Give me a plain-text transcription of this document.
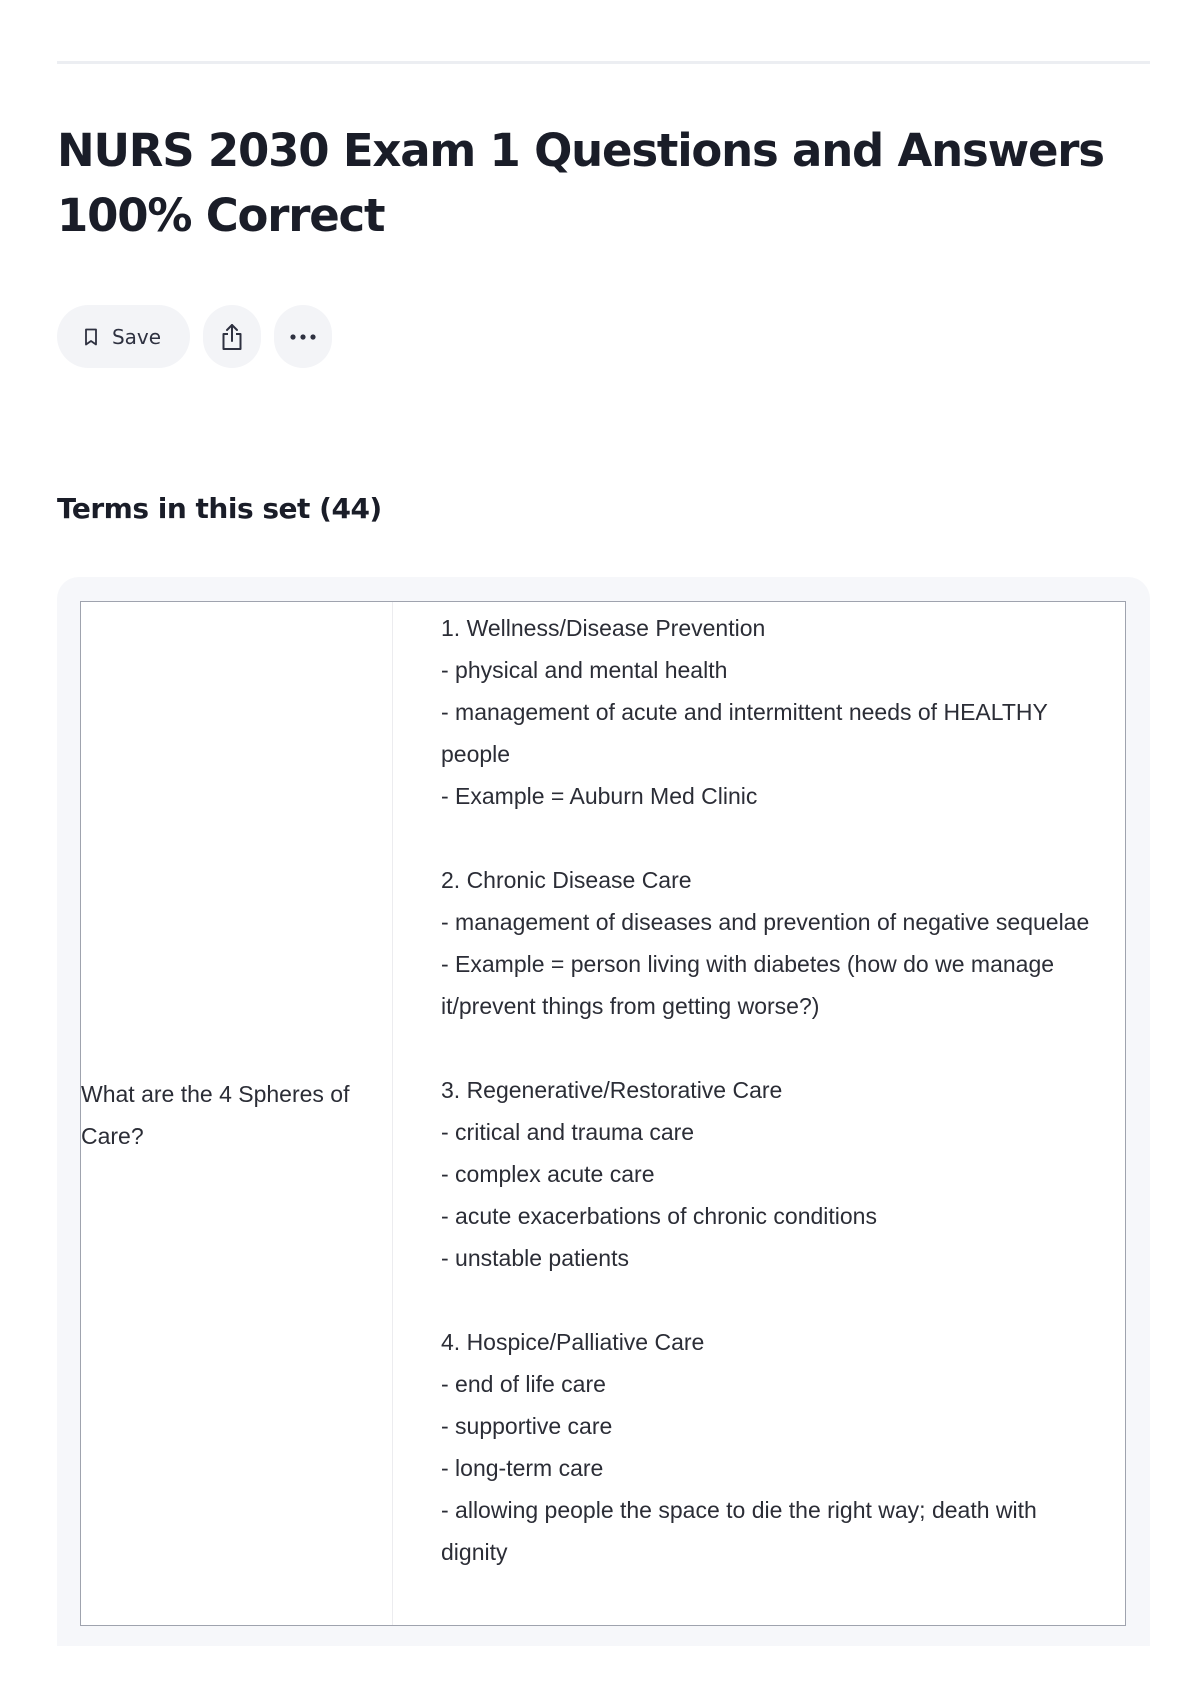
NURS 2030 Exam 1 Questions and Answers 100% Correct
Save
Terms in this set (44)
What are the 4 Spheres of Care?

1. Wellness/Disease Prevention
- physical and mental health
- management of acute and intermittent needs of HEALTHY people
- Example = Auburn Med Clinic

2. Chronic Disease Care
- management of diseases and prevention of negative sequelae
- Example = person living with diabetes (how do we manage it/prevent things from getting worse?)

3. Regenerative/Restorative Care
- critical and trauma care
- complex acute care
- acute exacerbations of chronic conditions
- unstable patients

4. Hospice/Palliative Care
- end of life care
- supportive care
- long-term care
- allowing people the space to die the right way; death with dignity
